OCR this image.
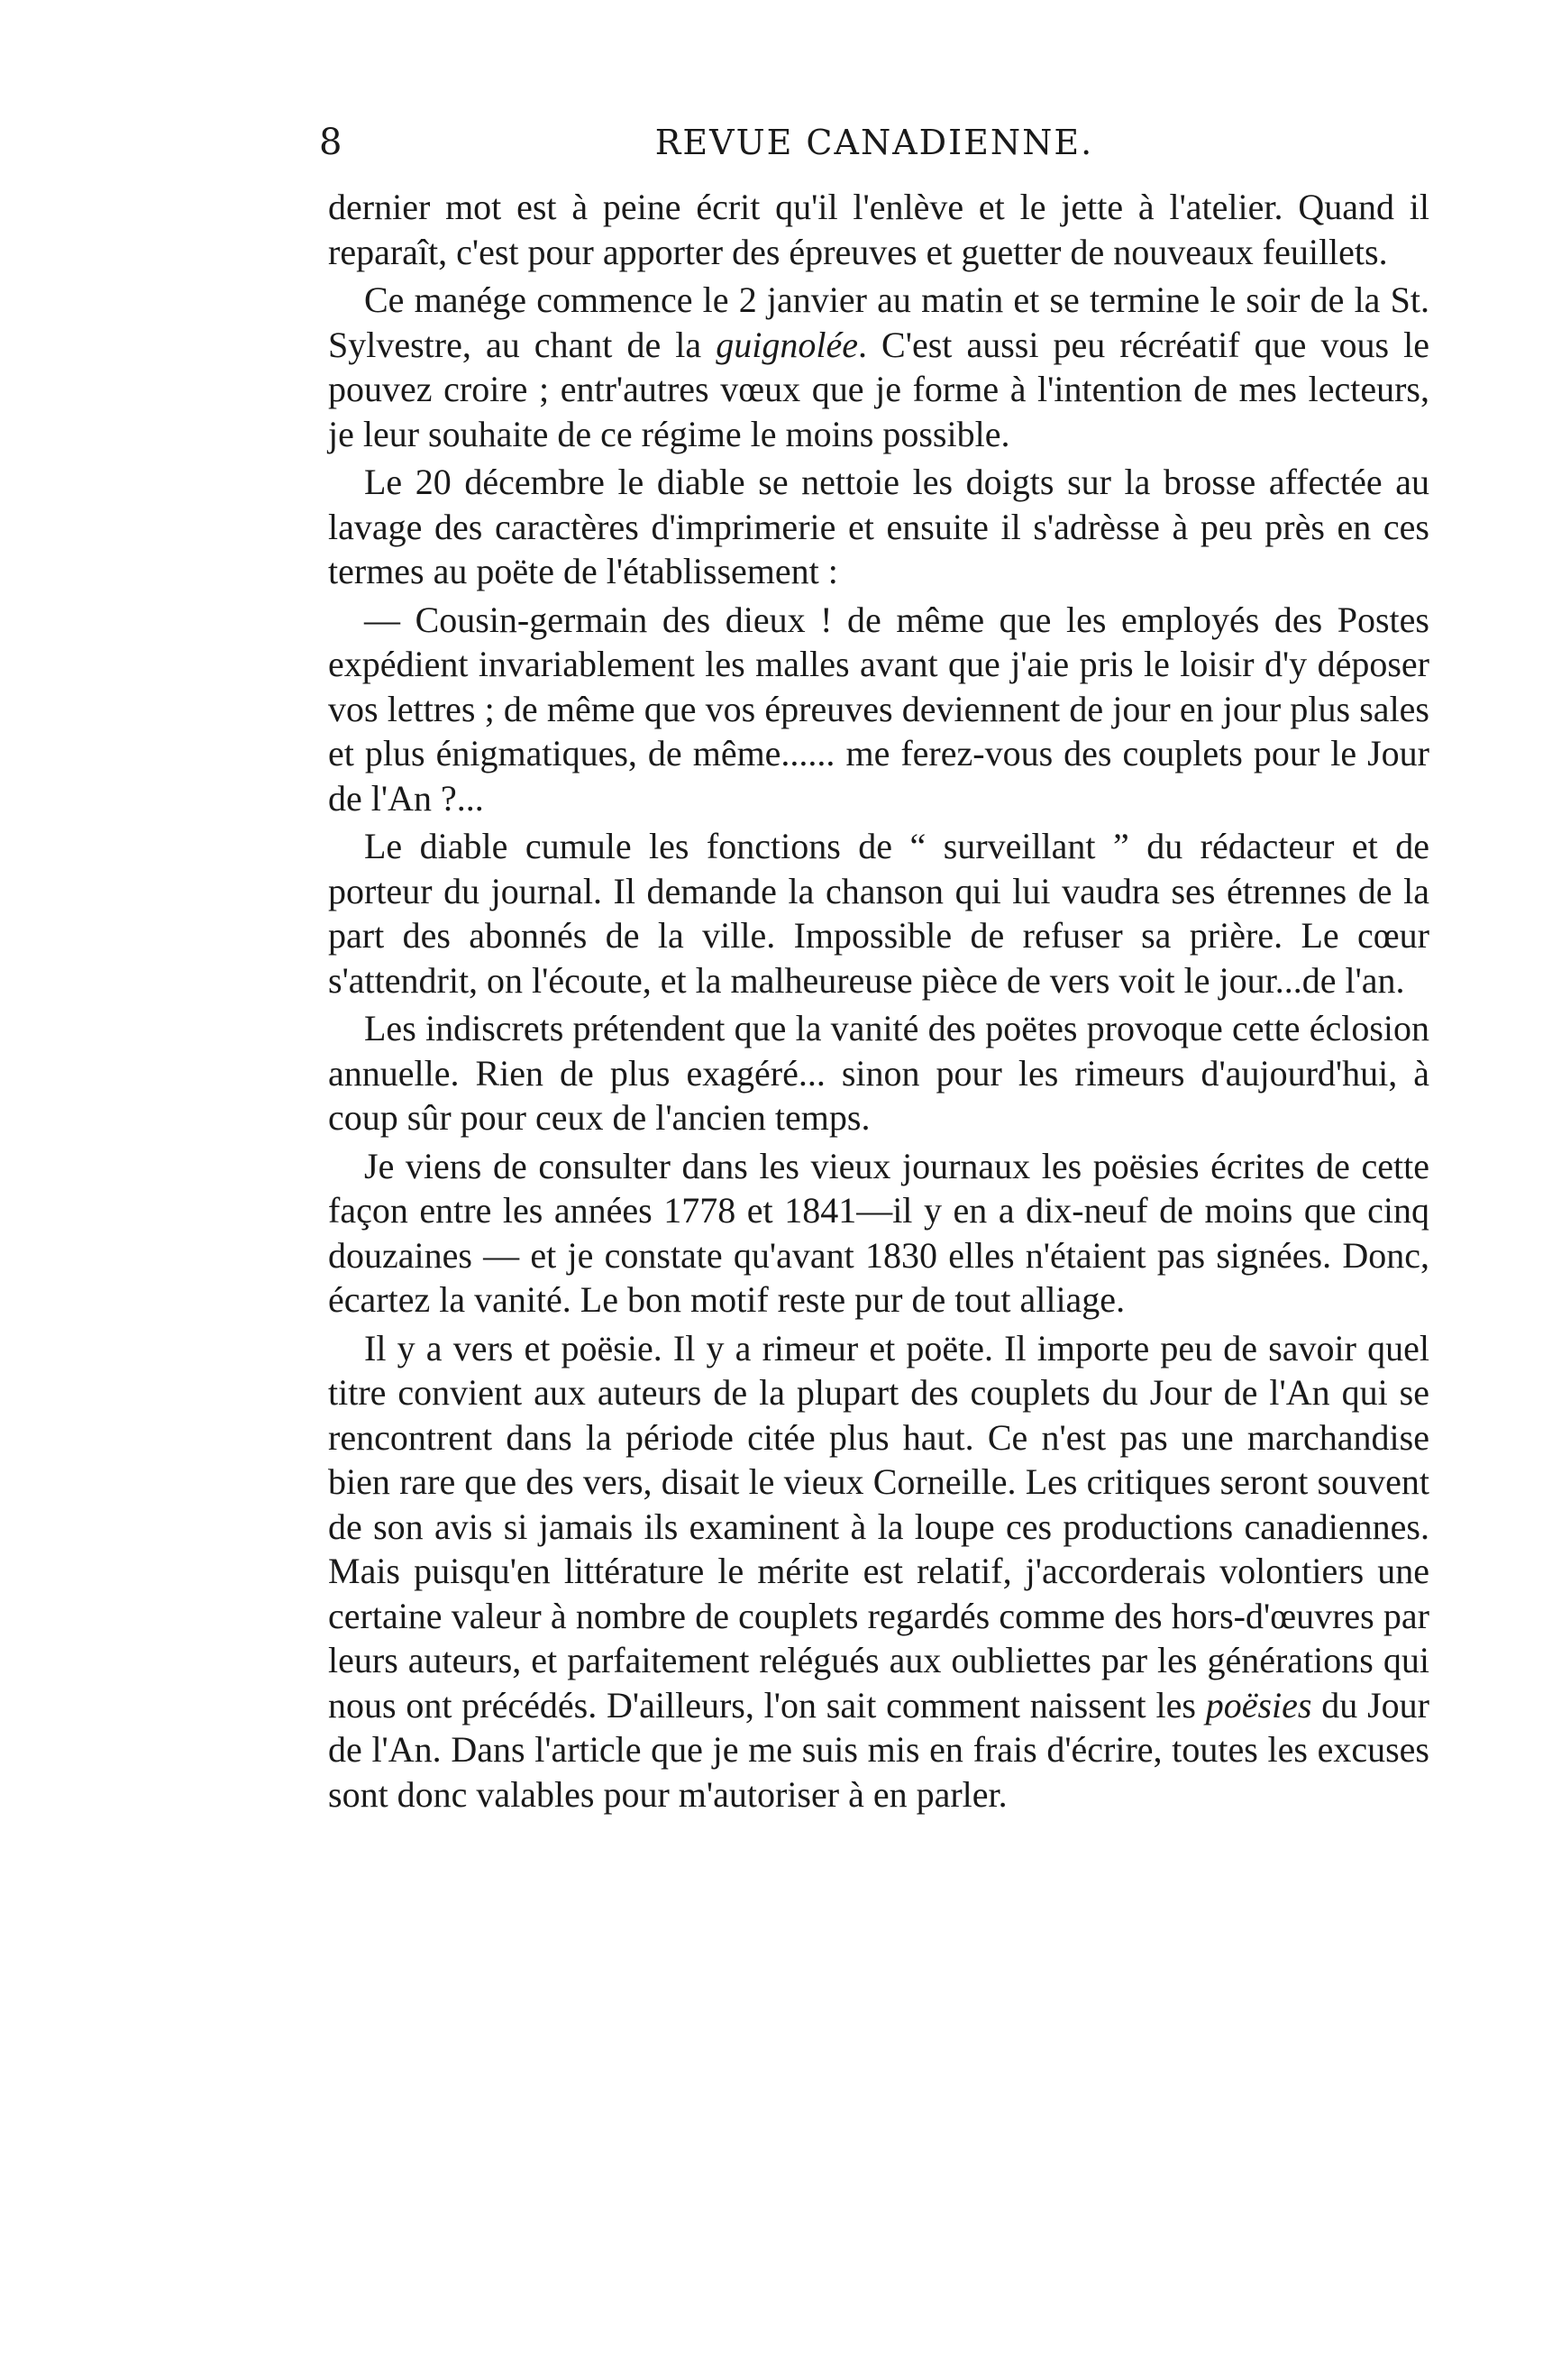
8	REVUE CANADIENNE.

dernier mot est à peine écrit qu'il l'enlève et le jette à l'atelier. Quand il reparaît, c'est pour apporter des épreuves et guetter de nouveaux feuillets.

Ce manége commence le 2 janvier au matin et se termine le soir de la St. Sylvestre, au chant de la guignolée. C'est aussi peu récréatif que vous le pouvez croire ; entr'autres vœux que je forme à l'intention de mes lecteurs, je leur souhaite de ce régime le moins possible.

Le 20 décembre le diable se nettoie les doigts sur la brosse affectée au lavage des caractères d'imprimerie et ensuite il s'adrèsse à peu près en ces termes au poëte de l'établissement :

— Cousin-germain des dieux ! de même que les employés des Postes expédient invariablement les malles avant que j'aie pris le loisir d'y déposer vos lettres ; de même que vos épreuves deviennent de jour en jour plus sales et plus énigmatiques, de même...... me ferez-vous des couplets pour le Jour de l'An ?...

Le diable cumule les fonctions de “ surveillant ” du rédacteur et de porteur du journal. Il demande la chanson qui lui vaudra ses étrennes de la part des abonnés de la ville. Impossible de refuser sa prière. Le cœur s'attendrit, on l'écoute, et la malheureuse pièce de vers voit le jour...de l'an.

Les indiscrets prétendent que la vanité des poëtes provoque cette éclosion annuelle. Rien de plus exagéré... sinon pour les rimeurs d'aujourd'hui, à coup sûr pour ceux de l'ancien temps.

Je viens de consulter dans les vieux journaux les poësies écrites de cette façon entre les années 1778 et 1841—il y en a dix-neuf de moins que cinq douzaines — et je constate qu'avant 1830 elles n'étaient pas signées. Donc, écartez la vanité. Le bon motif reste pur de tout alliage.

Il y a vers et poësie. Il y a rimeur et poëte. Il importe peu de savoir quel titre convient aux auteurs de la plupart des couplets du Jour de l'An qui se rencontrent dans la période citée plus haut. Ce n'est pas une marchandise bien rare que des vers, disait le vieux Corneille. Les critiques seront souvent de son avis si jamais ils examinent à la loupe ces productions canadiennes. Mais puisqu'en littérature le mérite est relatif, j'accorderais volontiers une certaine valeur à nombre de couplets regardés comme des hors-d'œuvres par leurs auteurs, et parfaitement relégués aux oubliettes par les générations qui nous ont précédés. D'ailleurs, l'on sait comment naissent les poësies du Jour de l'An. Dans l'article que je me suis mis en frais d'écrire, toutes les excuses sont donc valables pour m'autoriser à en parler.
